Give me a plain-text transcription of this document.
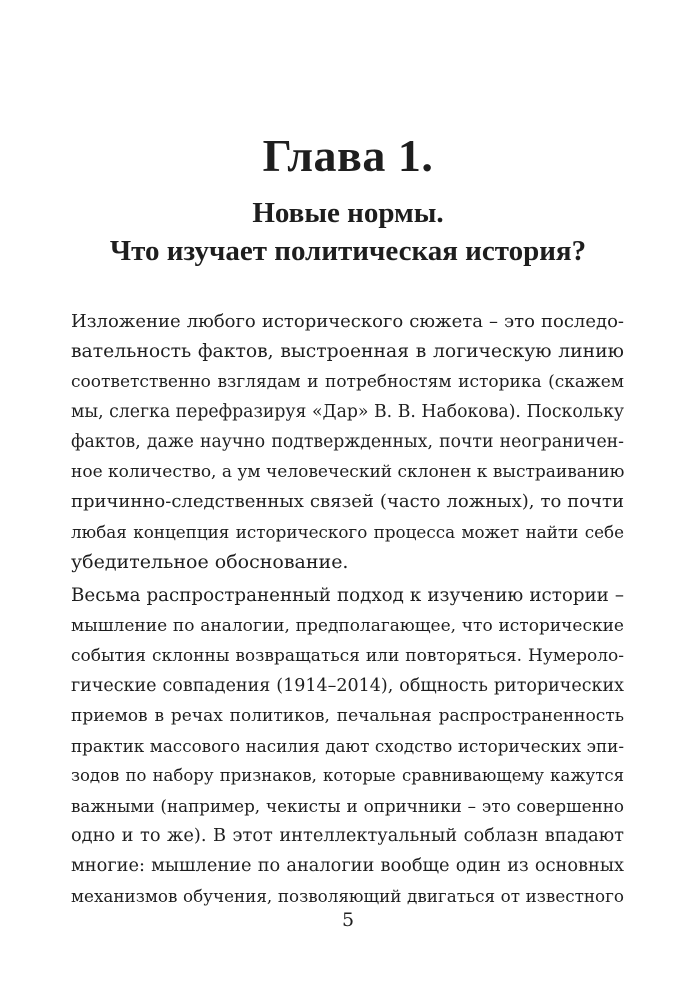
Глава 1.
Новые нормы.
Что изучает политическая история?

Изложение любого исторического сюжета – это последо-
вательность фактов, выстроенная в логическую линию
соответственно взглядам и потребностям историка (скажем
мы, слегка перефразируя «Дар» В. В. Набокова). Поскольку
фактов, даже научно подтвержденных, почти неограничен-
ное количество, а ум человеческий склонен к выстраиванию
причинно-следственных связей (часто ложных), то почти
любая концепция исторического процесса может найти себе
убедительное обоснование.

Весьма распространенный подход к изучению истории –
мышление по аналогии, предполагающее, что исторические
события склонны возвращаться или повторяться. Нумероло-
гические совпадения (1914–2014), общность риторических
приемов в речах политиков, печальная распространенность
практик массового насилия дают сходство исторических эпи-
зодов по набору признаков, которые сравнивающему кажутся
важными (например, чекисты и опричники – это совершенно
одно и то же). В этот интеллектуальный соблазн впадают
многие: мышление по аналогии вообще один из основных
механизмов обучения, позволяющий двигаться от известного

5
